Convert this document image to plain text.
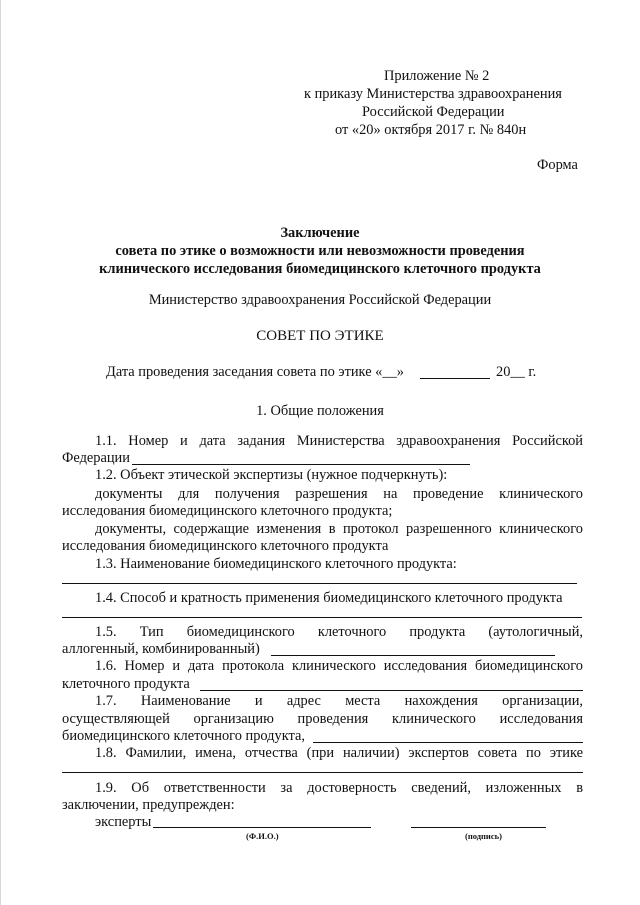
Приложение № 2
к приказу Министерства здравоохранения
Российской Федерации
от «20» октября 2017 г. № 840н
Форма
Заключение
совета по этике о возможности или невозможности проведения
клинического исследования биомедицинского клеточного продукта
Министерство здравоохранения Российской Федерации
СОВЕТ ПО ЭТИКЕ
Дата проведения заседания совета по этике «__»	20__ г.
1. Общие положения
1.1. Номер и дата задания Министерства здравоохранения Российской
Федерации
1.2. Объект этической экспертизы (нужное подчеркнуть):
документы для получения разрешения на проведение клинического
исследования биомедицинского клеточного продукта;
документы, содержащие изменения в протокол разрешенного клинического
исследования биомедицинского клеточного продукта
1.3. Наименование биомедицинского клеточного продукта:
1.4. Способ и кратность применения биомедицинского клеточного продукта
1.5. Тип биомедицинского клеточного продукта (аутологичный,
аллогенный, комбинированный)
1.6. Номер и дата протокола клинического исследования биомедицинского
клеточного продукта
1.7. Наименование и адрес места нахождения организации,
осуществляющей организацию проведения клинического исследования
биомедицинского клеточного продукта,
1.8. Фамилии, имена, отчества (при наличии) экспертов совета по этике
1.9. Об ответственности за достоверность сведений, изложенных в
заключении, предупрежден:
эксперты
(Ф.И.О.)	(подпись)
